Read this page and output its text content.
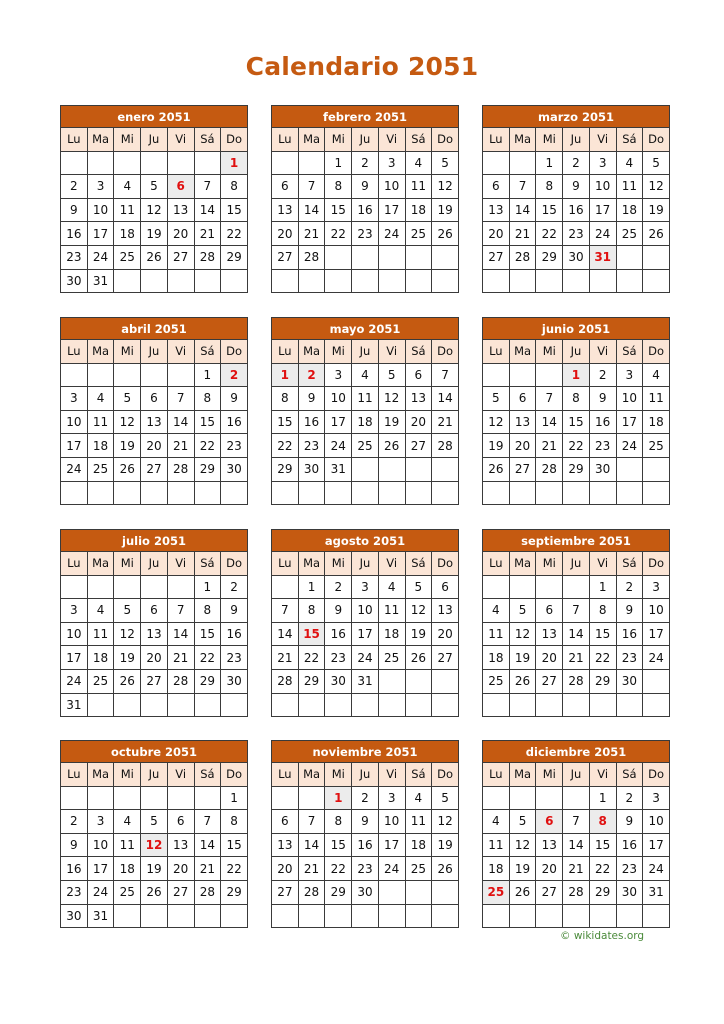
Calendario 2051
enero 2051						
Lu	Ma	Mi	Ju	Vi	Sá	Do
						1
2	3	4	5	6	7	8
9	10	11	12	13	14	15
16	17	18	19	20	21	22
23	24	25	26	27	28	29
30	31					
febrero 2051						
Lu	Ma	Mi	Ju	Vi	Sá	Do
		1	2	3	4	5
6	7	8	9	10	11	12
13	14	15	16	17	18	19
20	21	22	23	24	25	26
27	28					

marzo 2051						
Lu	Ma	Mi	Ju	Vi	Sá	Do
		1	2	3	4	5
6	7	8	9	10	11	12
13	14	15	16	17	18	19
20	21	22	23	24	25	26
27	28	29	30	31		

abril 2051						
Lu	Ma	Mi	Ju	Vi	Sá	Do
					1	2
3	4	5	6	7	8	9
10	11	12	13	14	15	16
17	18	19	20	21	22	23
24	25	26	27	28	29	30

mayo 2051						
Lu	Ma	Mi	Ju	Vi	Sá	Do
1	2	3	4	5	6	7
8	9	10	11	12	13	14
15	16	17	18	19	20	21
22	23	24	25	26	27	28
29	30	31				

junio 2051						
Lu	Ma	Mi	Ju	Vi	Sá	Do
			1	2	3	4
5	6	7	8	9	10	11
12	13	14	15	16	17	18
19	20	21	22	23	24	25
26	27	28	29	30		

julio 2051						
Lu	Ma	Mi	Ju	Vi	Sá	Do
					1	2
3	4	5	6	7	8	9
10	11	12	13	14	15	16
17	18	19	20	21	22	23
24	25	26	27	28	29	30
31						
agosto 2051						
Lu	Ma	Mi	Ju	Vi	Sá	Do
	1	2	3	4	5	6
7	8	9	10	11	12	13
14	15	16	17	18	19	20
21	22	23	24	25	26	27
28	29	30	31			

septiembre 2051						
Lu	Ma	Mi	Ju	Vi	Sá	Do
				1	2	3
4	5	6	7	8	9	10
11	12	13	14	15	16	17
18	19	20	21	22	23	24
25	26	27	28	29	30	

octubre 2051						
Lu	Ma	Mi	Ju	Vi	Sá	Do
						1
2	3	4	5	6	7	8
9	10	11	12	13	14	15
16	17	18	19	20	21	22
23	24	25	26	27	28	29
30	31					
noviembre 2051						
Lu	Ma	Mi	Ju	Vi	Sá	Do
		1	2	3	4	5
6	7	8	9	10	11	12
13	14	15	16	17	18	19
20	21	22	23	24	25	26
27	28	29	30			

diciembre 2051						
Lu	Ma	Mi	Ju	Vi	Sá	Do
				1	2	3
4	5	6	7	8	9	10
11	12	13	14	15	16	17
18	19	20	21	22	23	24
25	26	27	28	29	30	31

© wikidates.org
